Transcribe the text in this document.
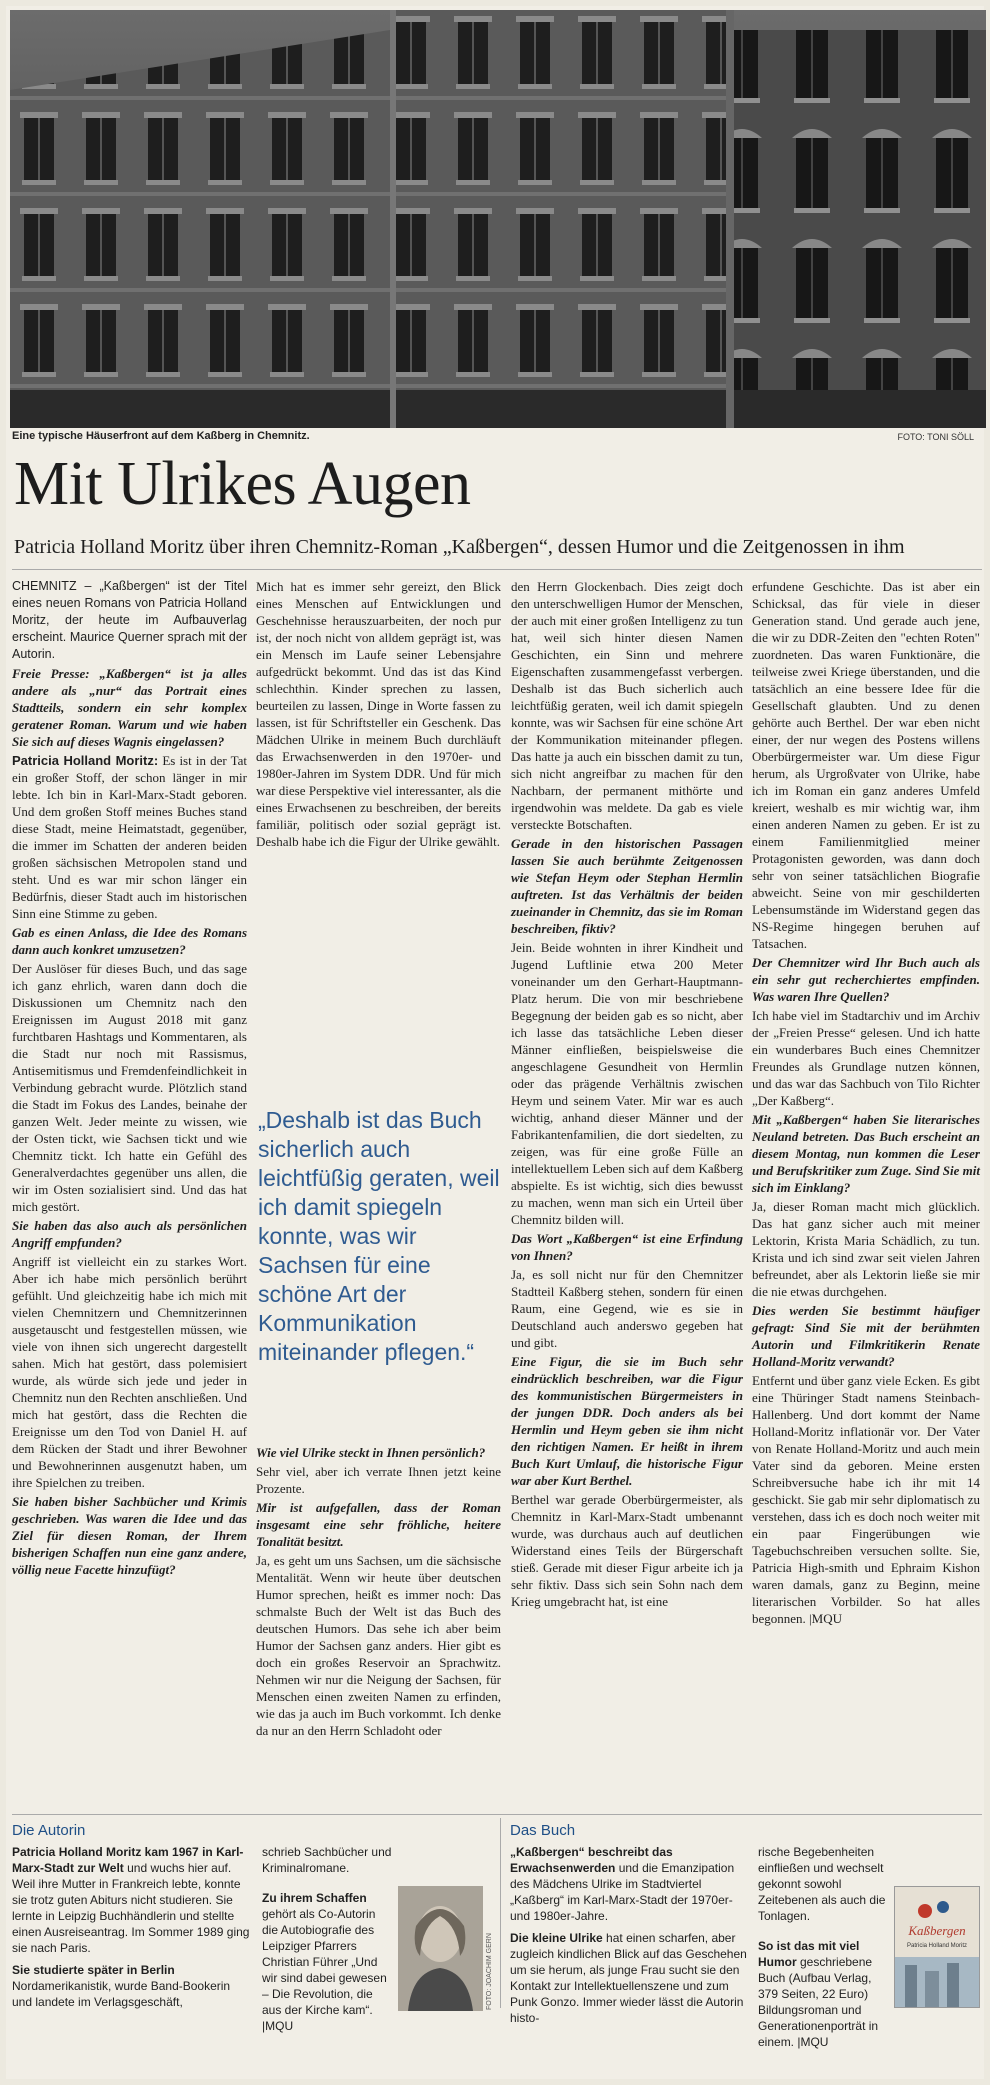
Eine typische Häuserfront auf dem Kaßberg in Chemnitz.	FOTO: TONI SÖLL
Mit Ulrikes Augen
Patricia Holland Moritz über ihren Chemnitz-Roman „Kaßbergen“, dessen Humor und die Zeitgenossen in ihm

CHEMNITZ – „Kaßbergen“ ist der Titel eines neuen Romans von Patricia Holland Moritz, der heute im Aufbauverlag erscheint. Maurice Querner sprach mit der Autorin.

Freie Presse: „Kaßbergen“ ist ja alles andere als „nur“ das Portrait eines Stadtteils, sondern ein sehr komplex geratener Roman. Warum und wie haben Sie sich auf dieses Wagnis eingelassen?

Patricia Holland Moritz: Es ist in der Tat ein großer Stoff, der schon länger in mir lebte. Ich bin in Karl-Marx-Stadt geboren. Und dem großen Stoff meines Buches stand diese Stadt, meine Heimatstadt, gegenüber, die immer im Schatten der anderen beiden großen sächsischen Metropolen stand und steht. Und es war mir schon länger ein Bedürfnis, dieser Stadt auch im historischen Sinn eine Stimme zu geben.

Gab es einen Anlass, die Idee des Romans dann auch konkret umzusetzen?

Der Auslöser für dieses Buch, und das sage ich ganz ehrlich, waren dann doch die Diskussionen um Chemnitz nach den Ereignissen im August 2018 mit ganz furchtbaren Hashtags und Kommentaren, als die Stadt nur noch mit Rassismus, Antisemitismus und Fremdenfeindlichkeit in Verbindung gebracht wurde. Plötzlich stand die Stadt im Fokus des Landes, beinahe der ganzen Welt. Jeder meinte zu wissen, wie der Osten tickt, wie Sachsen tickt und wie Chemnitz tickt. Ich hatte ein Gefühl des Generalverdachtes gegenüber uns allen, die wir im Osten sozialisiert sind. Und das hat mich gestört.

Sie haben das also auch als persönlichen Angriff empfunden?

Angriff ist vielleicht ein zu starkes Wort. Aber ich habe mich persönlich berührt gefühlt. Und gleichzeitig habe ich mich mit vielen Chemnitzern und Chemnitzerinnen ausgetauscht und festgestellen müssen, wie viele von ihnen sich ungerecht dargestellt sahen. Mich hat gestört, dass polemisiert wurde, als würde sich jede und jeder in Chemnitz nun den Rechten anschließen. Und mich hat gestört, dass die Rechten die Ereignisse um den Tod von Daniel H. auf dem Rücken der Stadt und ihrer Bewohner und Bewohnerinnen ausgenutzt haben, um ihre Spielchen zu treiben.

Sie haben bisher Sachbücher und Krimis geschrieben. Was waren die Idee und das Ziel für diesen Roman, der Ihrem bisherigen Schaffen nun eine ganz andere, völlig neue Facette hinzufügt?

Mich hat es immer sehr gereizt, den Blick eines Menschen auf Entwicklungen und Geschehnisse herauszuarbeiten, der noch pur ist, der noch nicht von alldem geprägt ist, was ein Mensch im Laufe seiner Lebensjahre aufgedrückt bekommt. Und das ist das Kind schlechthin. Kinder sprechen zu lassen, beurteilen zu lassen, Dinge in Worte fassen zu lassen, ist für Schriftsteller ein Geschenk. Das Mädchen Ulrike in meinem Buch durchläuft das Erwachsenwerden in den 1970er- und 1980er-Jahren im System DDR. Und für mich war diese Perspektive viel interessanter, als die eines Erwachsenen zu beschreiben, der bereits familiär, politisch oder sozial geprägt ist. Deshalb habe ich die Figur der Ulrike gewählt.

„Deshalb ist das Buch sicherlich auch leichtfüßig geraten, weil ich damit spiegeln konnte, was wir Sachsen für eine schöne Art der Kommunikation miteinander pflegen.“

Wie viel Ulrike steckt in Ihnen persönlich?

Sehr viel, aber ich verrate Ihnen jetzt keine Prozente.

Mir ist aufgefallen, dass der Roman insgesamt eine sehr fröhliche, heitere Tonalität besitzt.

Ja, es geht um uns Sachsen, um die sächsische Mentalität. Wenn wir heute über deutschen Humor sprechen, heißt es immer noch: Das schmalste Buch der Welt ist das Buch des deutschen Humors. Das sehe ich aber beim Humor der Sachsen ganz anders. Hier gibt es doch ein großes Reservoir an Sprachwitz. Nehmen wir nur die Neigung der Sachsen, für Menschen einen zweiten Namen zu erfinden, wie das ja auch im Buch vorkommt. Ich denke da nur an den Herrn Schladoht oder

den Herrn Glockenbach. Dies zeigt doch den unterschwelligen Humor der Menschen, der auch mit einer großen Intelligenz zu tun hat, weil sich hinter diesen Namen Geschichten, ein Sinn und mehrere Eigenschaften zusammengefasst verbergen. Deshalb ist das Buch sicherlich auch leichtfüßig geraten, weil ich damit spiegeln konnte, was wir Sachsen für eine schöne Art der Kommunikation miteinander pflegen. Das hatte ja auch ein bisschen damit zu tun, sich nicht angreifbar zu machen für den Nachbarn, der permanent mithörte und irgendwohin was meldete. Da gab es viele versteckte Botschaften.

Gerade in den historischen Passagen lassen Sie auch berühmte Zeitgenossen wie Stefan Heym oder Stephan Hermlin auftreten. Ist das Verhältnis der beiden zueinander in Chemnitz, das sie im Roman beschreiben, fiktiv?

Jein. Beide wohnten in ihrer Kindheit und Jugend Luftlinie etwa 200 Meter voneinander um den Gerhart-Hauptmann-Platz herum. Die von mir beschriebene Begegnung der beiden gab es so nicht, aber ich lasse das tatsächliche Leben dieser Männer einfließen, beispielsweise die angeschlagene Gesundheit von Hermlin oder das prägende Verhältnis zwischen Heym und seinem Vater. Mir war es auch wichtig, anhand dieser Männer und der Fabrikantenfamilien, die dort siedelten, zu zeigen, was für eine große Fülle an intellektuellem Leben sich auf dem Kaßberg abspielte. Es ist wichtig, sich dies bewusst zu machen, wenn man sich ein Urteil über Chemnitz bilden will.

Das Wort „Kaßbergen“ ist eine Erfindung von Ihnen?

Ja, es soll nicht nur für den Chemnitzer Stadtteil Kaßberg stehen, sondern für einen Raum, eine Gegend, wie es sie in Deutschland auch anderswo gegeben hat und gibt.

Eine Figur, die sie im Buch sehr eindrücklich beschreiben, war die Figur des kommunistischen Bürgermeisters in der jungen DDR. Doch anders als bei Hermlin und Heym geben sie ihm nicht den richtigen Namen. Er heißt in ihrem Buch Kurt Umlauf, die historische Figur war aber Kurt Berthel.

Berthel war gerade Oberbürgermeister, als Chemnitz in Karl-Marx-Stadt umbenannt wurde, was durchaus auch auf deutlichen Widerstand eines Teils der Bürgerschaft stieß. Gerade mit dieser Figur arbeite ich ja sehr fiktiv. Dass sich sein Sohn nach dem Krieg umgebracht hat, ist eine

erfundene Geschichte. Das ist aber ein Schicksal, das für viele in dieser Generation stand. Und gerade auch jene, die wir zu DDR-Zeiten den "echten Roten" zuordneten. Das waren Funktionäre, die teilweise zwei Kriege überstanden, und die tatsächlich an eine bessere Idee für die Gesellschaft glaubten. Und zu denen gehörte auch Berthel. Der war eben nicht einer, der nur wegen des Postens willens Oberbürgermeister war. Um diese Figur herum, als Urgroßvater von Ulrike, habe ich im Roman ein ganz anderes Umfeld kreiert, weshalb es mir wichtig war, ihm einen anderen Namen zu geben. Er ist zu einem Familienmitglied meiner Protagonisten geworden, was dann doch sehr von seiner tatsächlichen Biografie abweicht. Seine von mir geschilderten Lebensumstände im Widerstand gegen das NS-Regime hingegen beruhen auf Tatsachen.

Der Chemnitzer wird Ihr Buch auch als ein sehr gut recherchiertes empfinden. Was waren Ihre Quellen?

Ich habe viel im Stadtarchiv und im Archiv der „Freien Presse“ gelesen. Und ich hatte ein wunderbares Buch eines Chemnitzer Freundes als Grundlage nutzen können, und das war das Sachbuch von Tilo Richter „Der Kaßberg“.

Mit „Kaßbergen“ haben Sie literarisches Neuland betreten. Das Buch erscheint an diesem Montag, nun kommen die Leser und Berufskritiker zum Zuge. Sind Sie mit sich im Einklang?

Ja, dieser Roman macht mich glücklich. Das hat ganz sicher auch mit meiner Lektorin, Krista Maria Schädlich, zu tun. Krista und ich sind zwar seit vielen Jahren befreundet, aber als Lektorin ließe sie mir die nie etwas durchgehen.

Dies werden Sie bestimmt häufiger gefragt: Sind Sie mit der berühmten Autorin und Filmkritikerin Renate Holland-Moritz verwandt?

Entfernt und über ganz viele Ecken. Es gibt eine Thüringer Stadt namens Steinbach-Hallenberg. Und dort kommt der Name Holland-Moritz inflationär vor. Der Vater von Renate Holland-Moritz und auch mein Vater sind da geboren. Meine ersten Schreibversuche habe ich ihr mit 14 geschickt. Sie gab mir sehr diplomatisch zu verstehen, dass ich es doch noch weiter mit ein paar Fingerübungen wie Tagebuchschreiben versuchen sollte. Sie, Patricia High-smith und Ephraim Kishon waren damals, ganz zu Beginn, meine literarischen Vorbilder. So hat alles begonnen. |MQU

Die Autorin
Patricia Holland Moritz kam 1967 in Karl-Marx-Stadt zur Welt und wuchs hier auf. Weil ihre Mutter in Frankreich lebte, konnte sie trotz guten Abiturs nicht studieren. Sie lernte in Leipzig Buchhändlerin und stellte einen Ausreiseantrag. Im Sommer 1989 ging sie nach Paris.
Sie studierte später in Berlin Nordamerikanistik, wurde Band-Bookerin und landete im Verlagsgeschäft,
schrieb Sachbücher und Kriminalromane.
Zu ihrem Schaffen gehört als Co-Autorin die Autobiografie des Leipziger Pfarrers Christian Führer „Und wir sind dabei gewesen – Die Revolution, die aus der Kirche kam“. |MQU
FOTO: JOACHIM GERN
Das Buch
„Kaßbergen“ beschreibt das Erwachsenwerden und die Emanzipation des Mädchens Ulrike im Stadtviertel „Kaßberg“ im Karl-Marx-Stadt der 1970er- und 1980er-Jahre.
Die kleine Ulrike hat einen scharfen, aber zugleich kindlichen Blick auf das Geschehen um sie herum, als junge Frau sucht sie den Kontakt zur Intellektuellenszene und zum Punk Gonzo. Immer wieder lässt die Autorin histo-
rische Begebenheiten einfließen und wechselt gekonnt sowohl Zeitebenen als auch die Tonlagen.
So ist das mit viel Humor geschriebene Buch (Aufbau Verlag, 379 Seiten, 22 Euro) Bildungsroman und Generationenporträt in einem. |MQU
Kaßbergen
Patricia Holland Moritz
